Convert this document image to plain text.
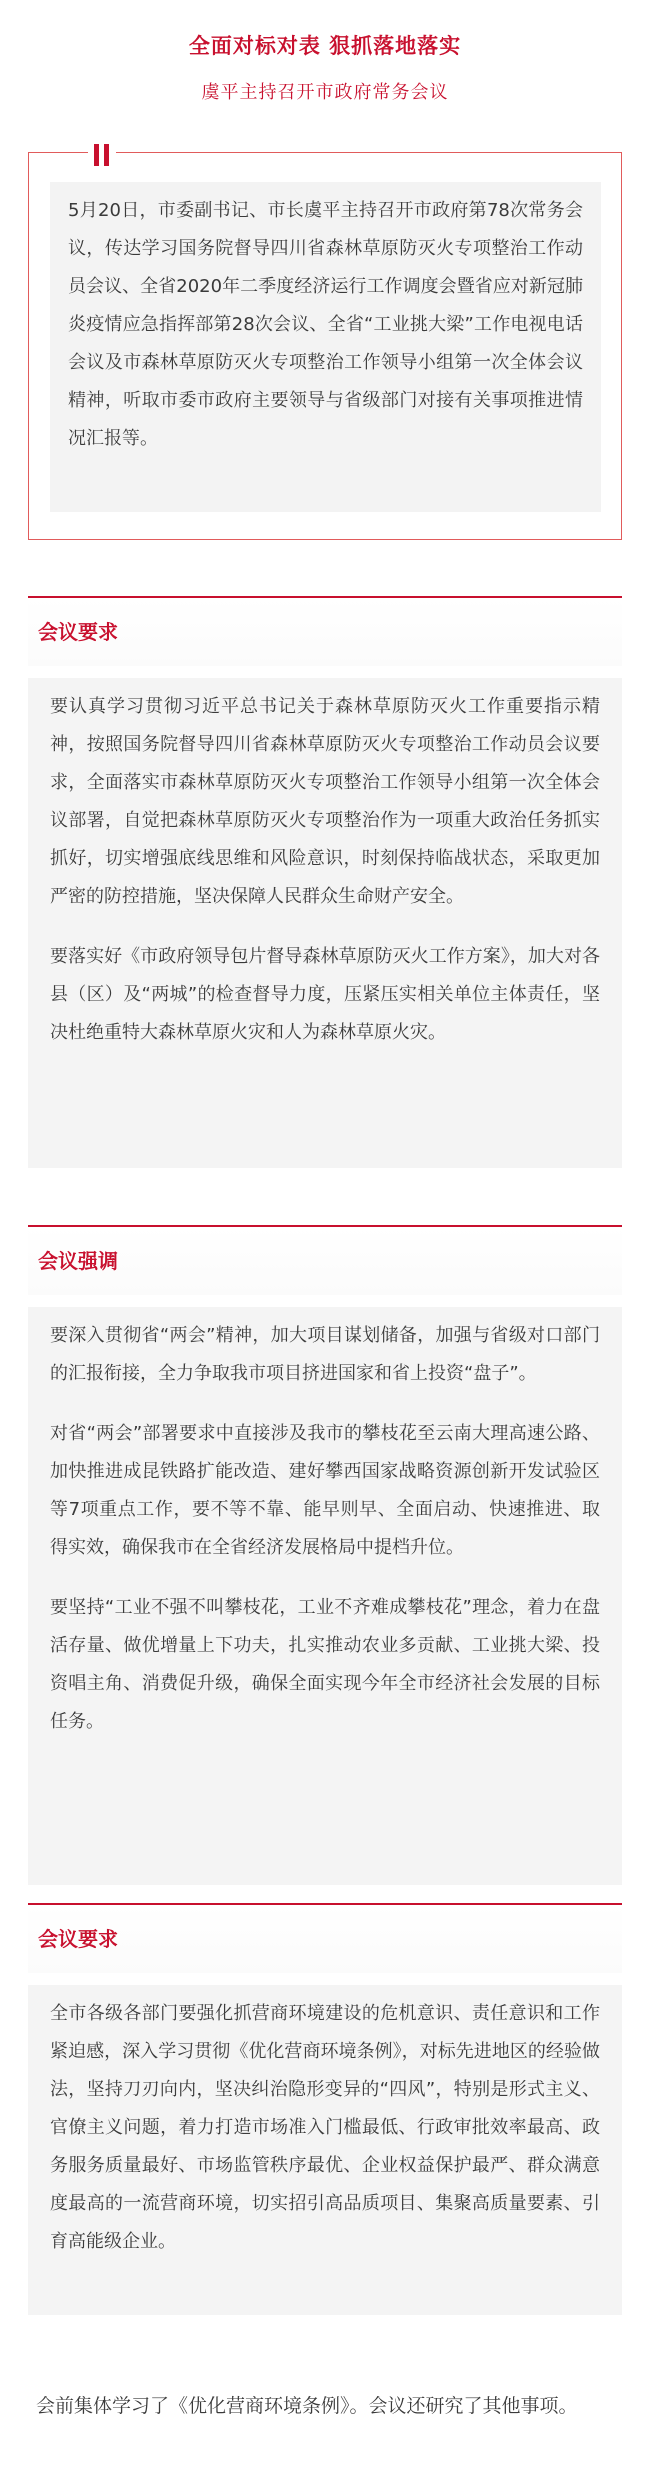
全面对标对表 狠抓落地落实
虞平主持召开市政府常务会议

5月20日，市委副书记、市长虞平主持召开市政府第78次常务会议，传达学习国务院督导四川省森林草原防灭火专项整治工作动员会议、全省2020年二季度经济运行工作调度会暨省应对新冠肺炎疫情应急指挥部第28次会议、全省“工业挑大梁”工作电视电话会议及市森林草原防灭火专项整治工作领导小组第一次全体会议精神，听取市委市政府主要领导与省级部门对接有关事项推进情况汇报等。

会议要求

要认真学习贯彻习近平总书记关于森林草原防灭火工作重要指示精神，按照国务院督导四川省森林草原防灭火专项整治工作动员会议要求，全面落实市森林草原防灭火专项整治工作领导小组第一次全体会议部署，自觉把森林草原防灭火专项整治作为一项重大政治任务抓实抓好，切实增强底线思维和风险意识，时刻保持临战状态，采取更加严密的防控措施，坚决保障人民群众生命财产安全。

要落实好《市政府领导包片督导森林草原防灭火工作方案》，加大对各县（区）及“两城”的检查督导力度，压紧压实相关单位主体责任，坚决杜绝重特大森林草原火灾和人为森林草原火灾。

会议强调

要深入贯彻省“两会”精神，加大项目谋划储备，加强与省级对口部门的汇报衔接，全力争取我市项目挤进国家和省上投资“盘子”。

对省“两会”部署要求中直接涉及我市的攀枝花至云南大理高速公路、加快推进成昆铁路扩能改造、建好攀西国家战略资源创新开发试验区等7项重点工作，要不等不靠、能早则早、全面启动、快速推进、取得实效，确保我市在全省经济发展格局中提档升位。

要坚持“工业不强不叫攀枝花，工业不齐难成攀枝花”理念，着力在盘活存量、做优增量上下功夫，扎实推动农业多贡献、工业挑大梁、投资唱主角、消费促升级，确保全面实现今年全市经济社会发展的目标任务。

会议要求

全市各级各部门要强化抓营商环境建设的危机意识、责任意识和工作紧迫感，深入学习贯彻《优化营商环境条例》，对标先进地区的经验做法，坚持刀刃向内，坚决纠治隐形变异的“四风”，特别是形式主义、官僚主义问题，着力打造市场准入门槛最低、行政审批效率最高、政务服务质量最好、市场监管秩序最优、企业权益保护最严、群众满意度最高的一流营商环境，切实招引高品质项目、集聚高质量要素、引育高能级企业。

会前集体学习了《优化营商环境条例》。会议还研究了其他事项。
